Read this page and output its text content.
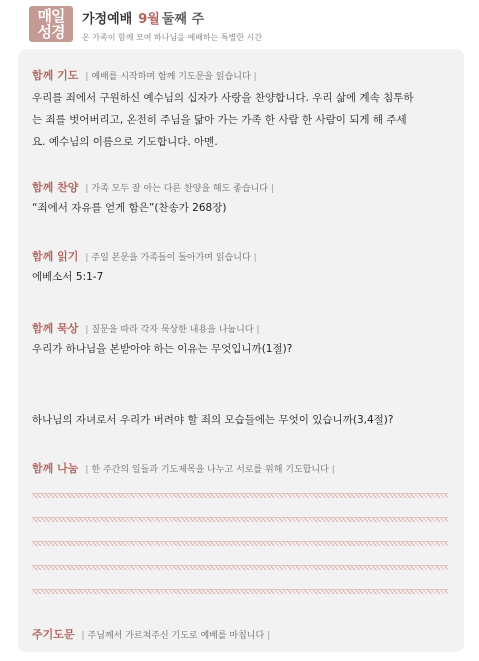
매일
성경
가정예배 9월 둘째 주
온 가족이 함께 모여 하나님을 예배하는 특별한 시간
함께 기도 | 예배를 시작하며 함께 기도문을 읽습니다 |
우리를 죄에서 구원하신 예수님의 십자가 사랑을 찬양합니다. 우리 삶에 계속 침투하
는 죄를 벗어버리고, 온전히 주님을 닮아 가는 가족 한 사람 한 사람이 되게 해 주세
요. 예수님의 이름으로 기도합니다. 아멘.
함께 찬양 | 가족 모두 잘 아는 다른 찬양을 해도 좋습니다 |
“죄에서 자유를 얻게 함은”(찬송가 268장)
함께 읽기 | 주일 본문을 가족들이 돌아가며 읽습니다 |
에베소서 5:1-7
함께 묵상 | 질문을 따라 각자 묵상한 내용을 나눕니다 |
우리가 하나님을 본받아야 하는 이유는 무엇입니까(1절)?
하나님의 자녀로서 우리가 버려야 할 죄의 모습들에는 무엇이 있습니까(3,4절)?
함께 나눔 | 한 주간의 일들과 기도제목을 나누고 서로를 위해 기도합니다 |
주기도문 | 주님께서 가르쳐주신 기도로 예배를 마칩니다 |
